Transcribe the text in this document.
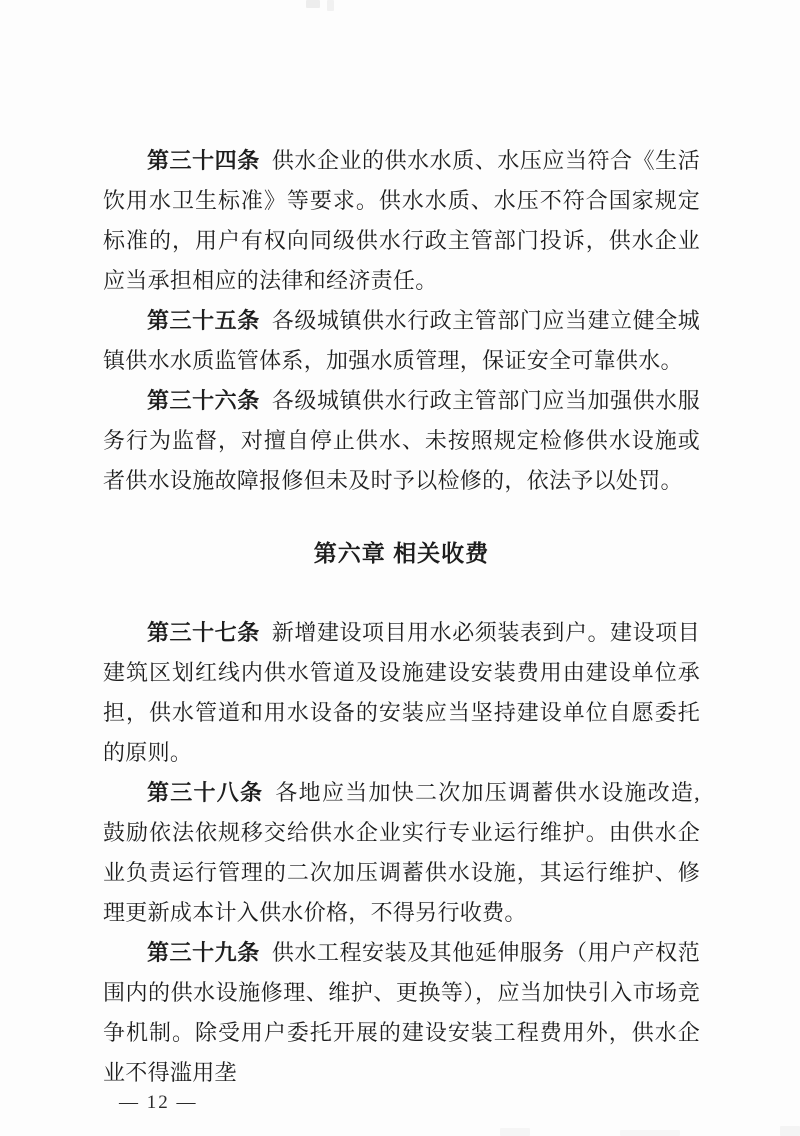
第三十四条 供水企业的供水水质、水压应当符合《生活饮用水卫生标准》等要求。供水水质、水压不符合国家规定标准的，用户有权向同级供水行政主管部门投诉，供水企业应当承担相应的法律和经济责任。

第三十五条 各级城镇供水行政主管部门应当建立健全城镇供水水质监管体系，加强水质管理，保证安全可靠供水。

第三十六条 各级城镇供水行政主管部门应当加强供水服务行为监督，对擅自停止供水、未按照规定检修供水设施或者供水设施故障报修但未及时予以检修的，依法予以处罚。

第六章 相关收费

第三十七条 新增建设项目用水必须装表到户。建设项目建筑区划红线内供水管道及设施建设安装费用由建设单位承担，供水管道和用水设备的安装应当坚持建设单位自愿委托的原则。

第三十八条 各地应当加快二次加压调蓄供水设施改造,鼓励依法依规移交给供水企业实行专业运行维护。由供水企业负责运行管理的二次加压调蓄供水设施，其运行维护、修理更新成本计入供水价格，不得另行收费。

第三十九条 供水工程安装及其他延伸服务（用户产权范围内的供水设施修理、维护、更换等），应当加快引入市场竞争机制。除受用户委托开展的建设安装工程费用外，供水企业不得滥用垄

— 12 —
